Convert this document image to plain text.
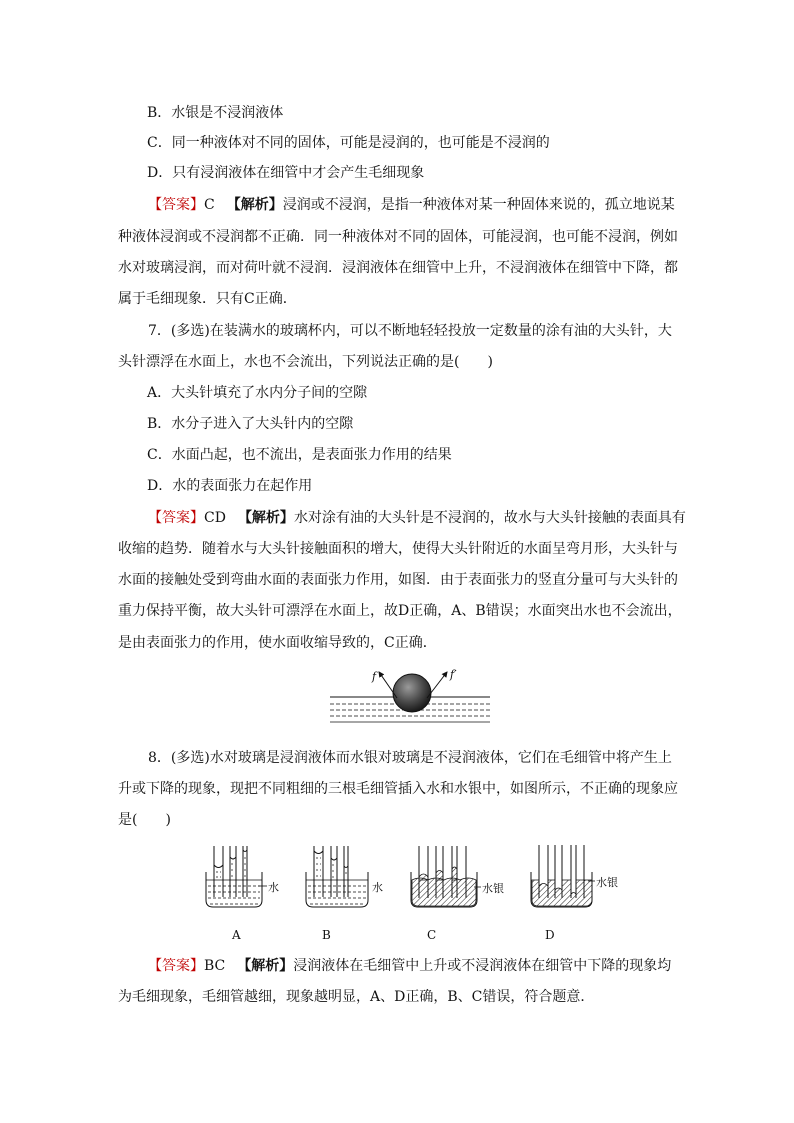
B．水银是不浸润液体
C．同一种液体对不同的固体，可能是浸润的，也可能是不浸润的
D．只有浸润液体在细管中才会产生毛细现象
【答案】C 【解析】浸润或不浸润，是指一种液体对某一种固体来说的，孤立地说某
种液体浸润或不浸润都不正确．同一种液体对不同的固体，可能浸润，也可能不浸润，例如
水对玻璃浸润，而对荷叶就不浸润．浸润液体在细管中上升，不浸润液体在细管中下降，都
属于毛细现象．只有C正确．
7．(多选)在装满水的玻璃杯内，可以不断地轻轻投放一定数量的涂有油的大头针，大
头针漂浮在水面上，水也不会流出，下列说法正确的是(　　)
A．大头针填充了水内分子间的空隙
B．水分子进入了大头针内的空隙
C．水面凸起，也不流出，是表面张力作用的结果
D．水的表面张力在起作用
【答案】CD 【解析】水对涂有油的大头针是不浸润的，故水与大头针接触的表面具有
收缩的趋势．随着水与大头针接触面积的增大，使得大头针附近的水面呈弯月形，大头针与
水面的接触处受到弯曲水面的表面张力作用，如图．由于表面张力的竖直分量可与大头针的
重力保持平衡，故大头针可漂浮在水面上，故D正确，A、B错误；水面突出水也不会流出，
是由表面张力的作用，使水面收缩导致的，C正确．
f	f′
8．(多选)水对玻璃是浸润液体而水银对玻璃是不浸润液体，它们在毛细管中将产生上
升或下降的现象，现把不同粗细的三根毛细管插入水和水银中，如图所示，不正确的现象应
是(　　)
水	水	水银	水银
A	B	C	D
【答案】BC 【解析】浸润液体在毛细管中上升或不浸润液体在细管中下降的现象均
为毛细现象，毛细管越细，现象越明显，A、D正确，B、C错误，符合题意．
